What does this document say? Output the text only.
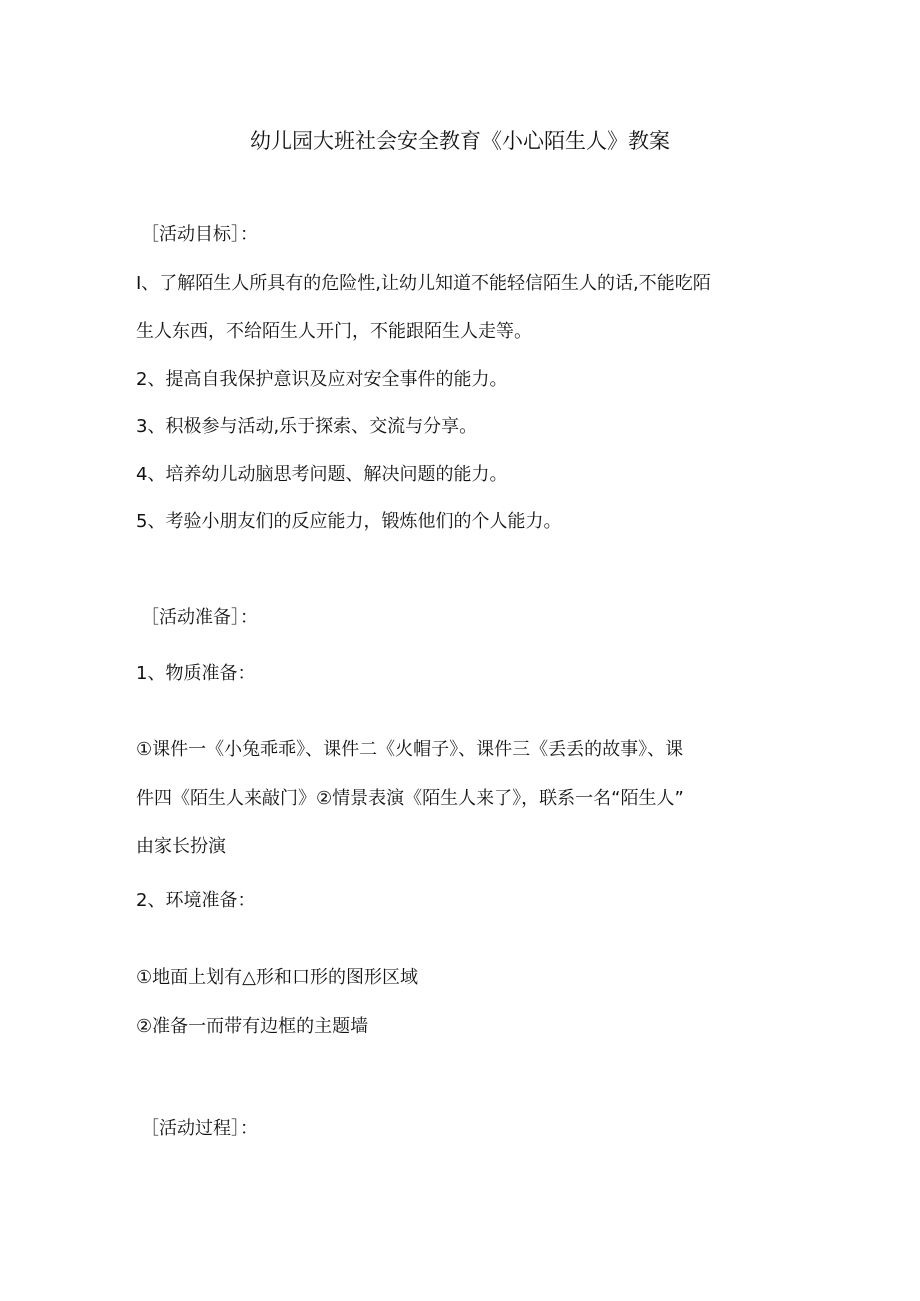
幼儿园大班社会安全教育《小心陌生人》教案

［活动目标］：

I、了解陌生人所具有的危险性,让幼儿知道不能轻信陌生人的话,不能吃陌

生人东西，不给陌生人开门，不能跟陌生人走等。

2、提高自我保护意识及应对安全事件的能力。

3、积极参与活动,乐于探索、交流与分享。

4、培养幼儿动脑思考问题、解决问题的能力。

5、考验小朋友们的反应能力，锻炼他们的个人能力。

［活动准备］：

1、物质准备：

①课件一《小兔乖乖》、课件二《火帽子》、课件三《丢丢的故事》、课

件四《陌生人来敲门》②情景表演《陌生人来了》，联系一名“陌生人”

由家长扮演

2、环境准备：

①地面上划有△形和口形的图形区域

②准备一而带有边框的主题墙

［活动过程］：
